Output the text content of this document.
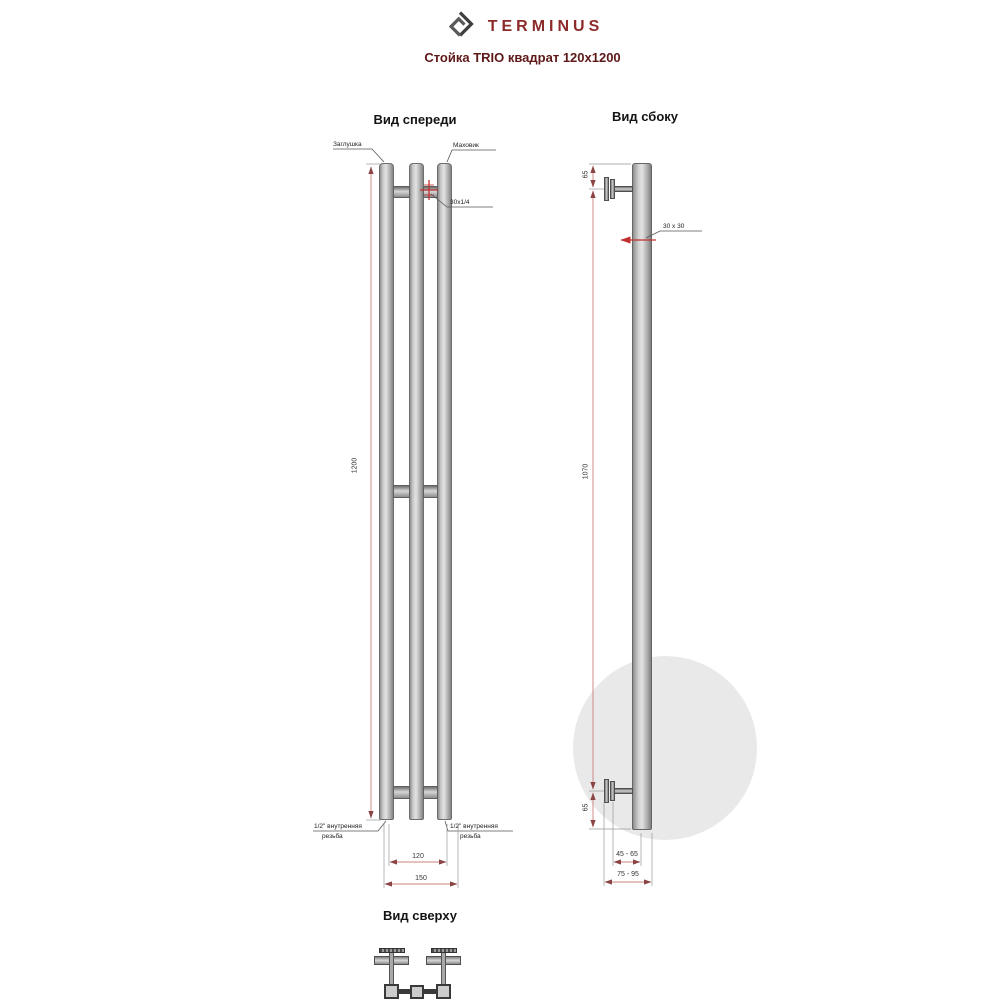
TERMINUS
Стойка TRIO квадрат 120x1200
Вид спереди	Вид сбоку
Вид сверху
Заглушка	Маховик
30x1/4
1200
1/2" внутренняя
резьба
1/2" внутренняя
резьба
120
150
65
1070
65
30 x 30
45 - 65
75 - 95
